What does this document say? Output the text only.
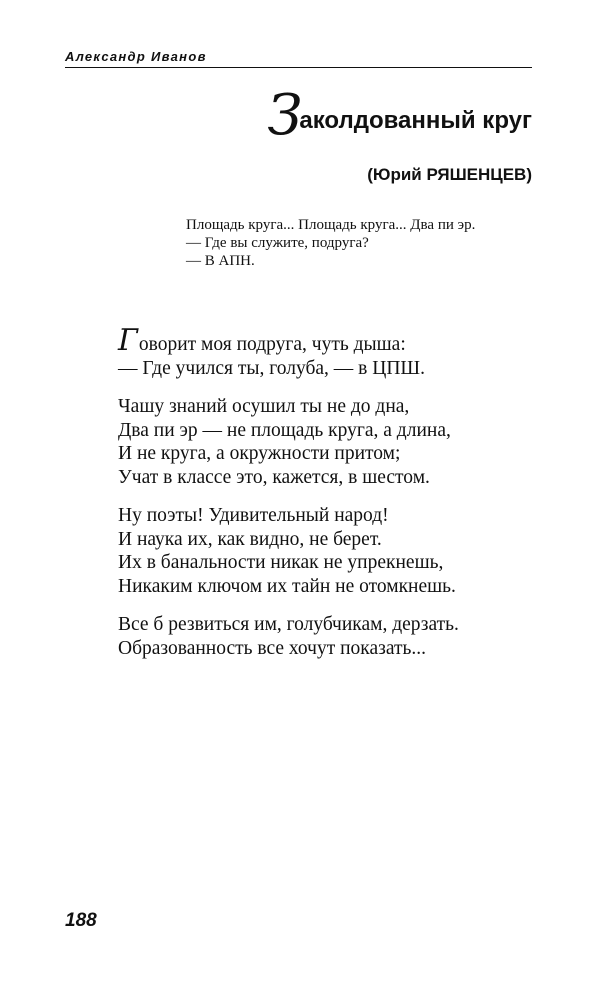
Александр Иванов
Заколдованный круг
(Юрий РЯШЕНЦЕВ)
Площадь круга... Площадь круга... Два пи эр.
— Где вы служите, подруга?
— В АПН.
Говорит моя подруга, чуть дыша:
— Где учился ты, голуба, — в ЦПШ.
Чашу знаний осушил ты не до дна,
Два пи эр — не площадь круга, а длина,
И не круга, а окружности притом;
Учат в классе это, кажется, в шестом.
Ну поэты! Удивительный народ!
И наука их, как видно, не берет.
Их в банальности никак не упрекнешь,
Никаким ключом их тайн не отомкнешь.
Все б резвиться им, голубчикам, дерзать.
Образованность все хочут показать...
188
